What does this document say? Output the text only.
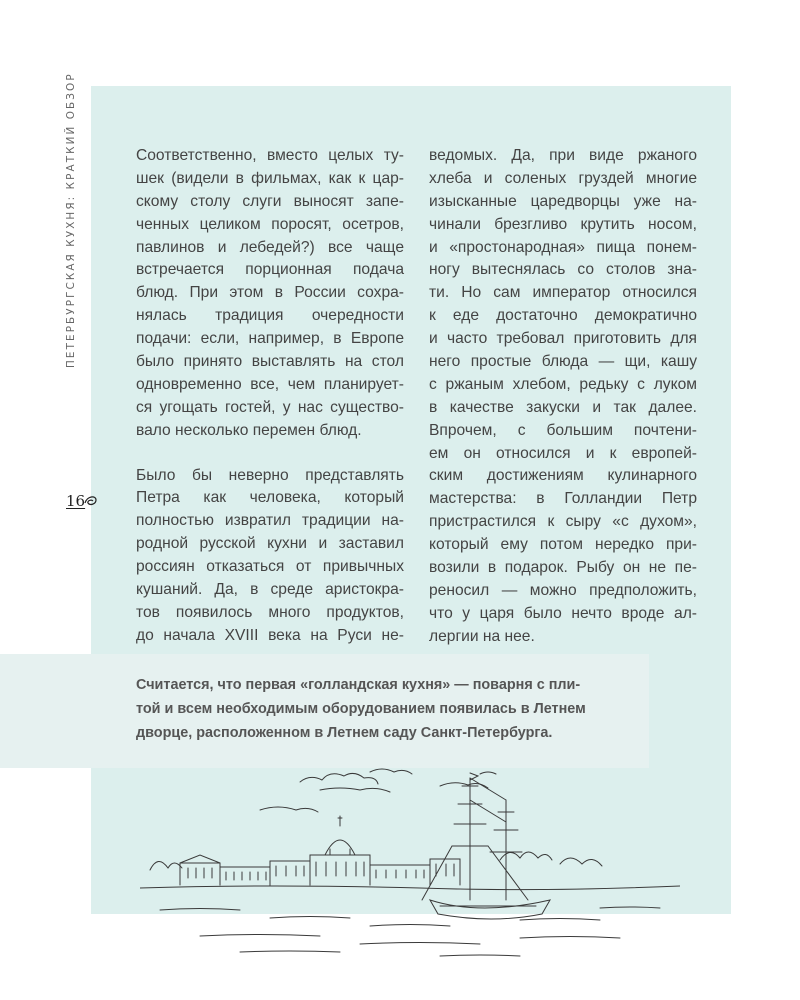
ПЕТЕРБУРГСКАЯ КУХНЯ: КРАТКИЙ ОБЗОР
16
Соответственно, вместо целых ту-
шек (видели в фильмах, как к цар-
скому столу слуги выносят запе-
ченных целиком поросят, осетров,
павлинов и лебедей?) все чаще
встречается порционная подача
блюд. При этом в России сохра-
нялась традиция очередности
подачи: если, например, в Европе
было принято выставлять на стол
одновременно все, чем планирует-
ся угощать гостей, у нас существо-
вало несколько перемен блюд.
Было бы неверно представлять
Петра как человека, который
полностью извратил традиции на-
родной русской кухни и заставил
россиян отказаться от привычных
кушаний. Да, в среде аристокра-
тов появилось много продуктов,
до начала XVIII века на Руси не-
ведомых. Да, при виде ржаного
хлеба и соленых груздей многие
изысканные царедворцы уже на-
чинали брезгливо крутить носом,
и «простонародная» пища понем-
ногу вытеснялась со столов зна-
ти. Но сам император относился
к еде достаточно демократично
и часто требовал приготовить для
него простые блюда — щи, кашу
с ржаным хлебом, редьку с луком
в качестве закуски и так далее.
Впрочем, с большим почтени-
ем он относился и к европей-
ским достижениям кулинарного
мастерства: в Голландии Петр
пристрастился к сыру «с духом»,
который ему потом нередко при-
возили в подарок. Рыбу он не пе-
реносил — можно предположить,
что у царя было нечто вроде ал-
лергии на нее.
Считается, что первая «голландская кухня» — поварня с пли-
той и всем необходимым оборудованием появилась в Летнем
дворце, расположенном в Летнем саду Санкт-Петербурга.
